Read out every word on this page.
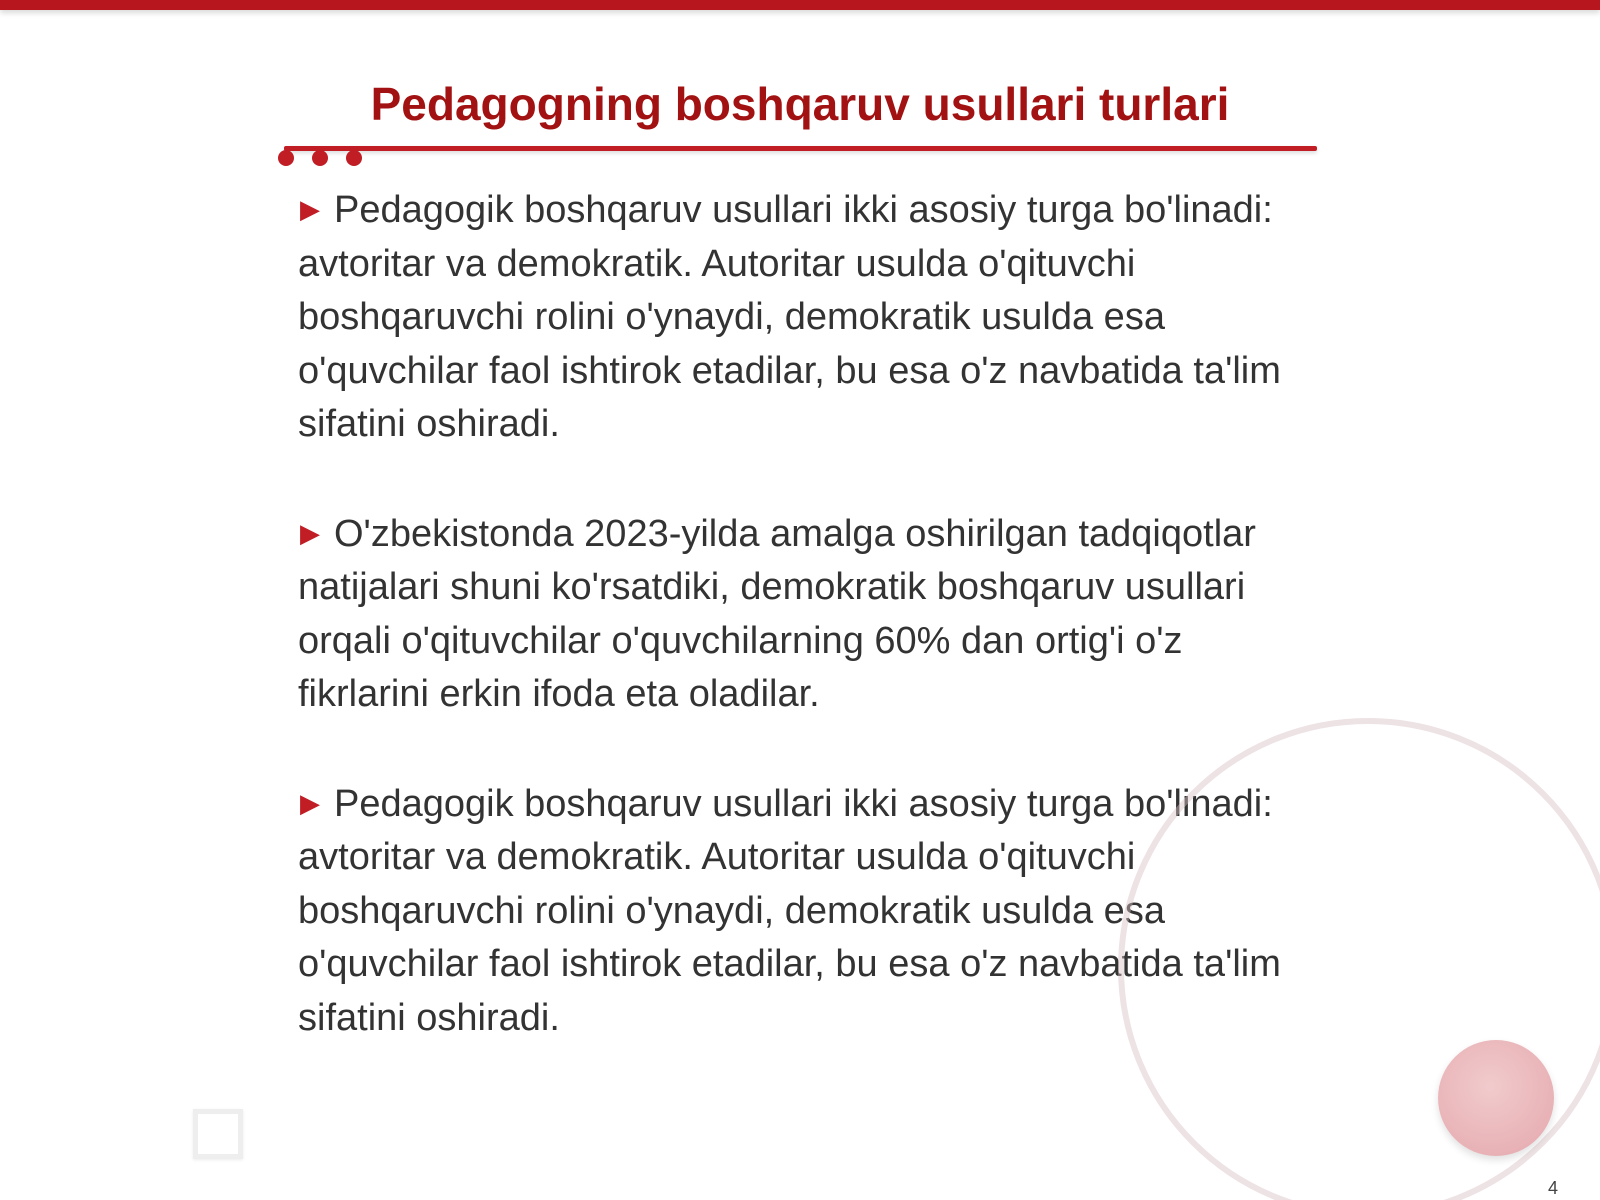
Pedagogning boshqaruv usullari turlari
▶ Pedagogik boshqaruv usullari ikki asosiy turga bo'linadi: avtoritar va demokratik. Autoritar usulda o'qituvchi boshqaruvchi rolini o'ynaydi, demokratik usulda esa o'quvchilar faol ishtirok etadilar, bu esa o'z navbatida ta'lim sifatini oshiradi.
▶ O'zbekistonda 2023-yilda amalga oshirilgan tadqiqotlar natijalari shuni ko'rsatdiki, demokratik boshqaruv usullari orqali o'qituvchilar o'quvchilarning 60% dan ortig'i o'z fikrlarini erkin ifoda eta oladilar.
▶ Pedagogik boshqaruv usullari ikki asosiy turga bo'linadi: avtoritar va demokratik. Autoritar usulda o'qituvchi boshqaruvchi rolini o'ynaydi, demokratik usulda esa o'quvchilar faol ishtirok etadilar, bu esa o'z navbatida ta'lim sifatini oshiradi.
4
